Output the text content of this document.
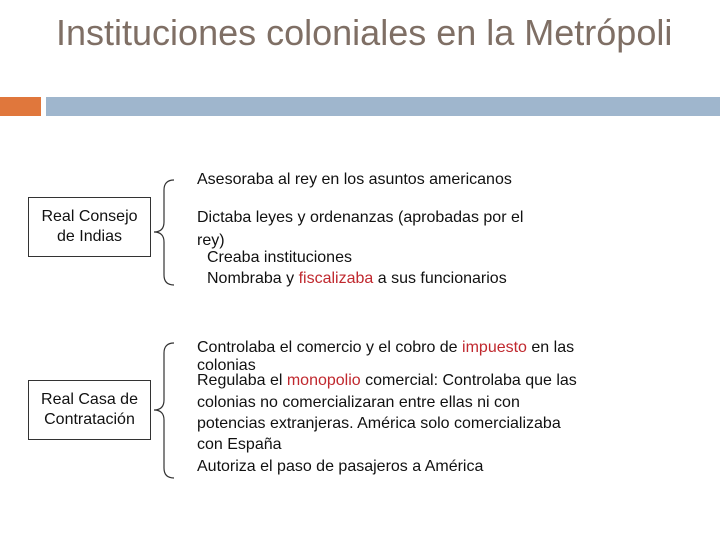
Instituciones coloniales en la Metrópoli
Real Consejo
de Indias
Asesoraba al rey en los asuntos americanos
Dictaba leyes y ordenanzas (aprobadas por el
rey)
Creaba instituciones
Nombraba y fiscalizaba a sus funcionarios
Real Casa de
Contratación
Controlaba el comercio y el cobro de impuesto en las
colonias
Regulaba el monopolio comercial: Controlaba que las
colonias no comercializaran entre ellas ni con
potencias extranjeras. América solo comercializaba
con España
Autoriza el paso de pasajeros a América
